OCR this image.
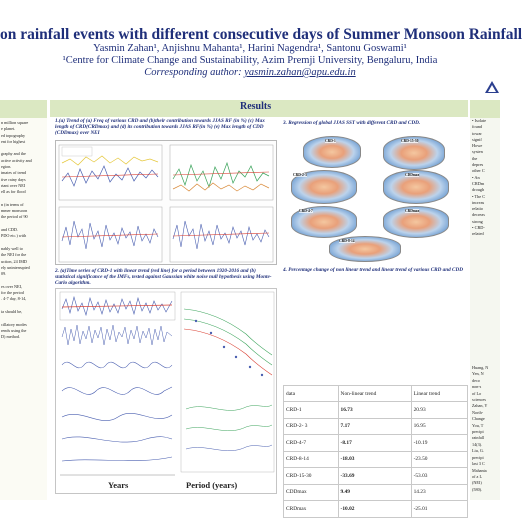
on rainfall events with different consecutive days of Summer Monsoon Rainfall
Yasmin Zahan¹, Anjishnu Mahanta¹, Harini Nagendra¹, Santonu Goswami¹
¹Centre for Climate Change and Sustainability, Azim Premji University, Bengaluru, India
Corresponding author: yasmin.zahan@apu.edu.in

n million square
e planet.
ed topography
ent for highest
graphy and the
active activity and
egion.
imates of trend
tive rainy days
rtant over NEI
ell as for flood
n (in terms of
mmer monsoon
the period of 90
and CDD.
PDO etc.) with
nably well to
the NEI for the
uction, 24 IMD
ely uninterrupted
09.
es over NEI,
for the period
. 4-7 day, 8-14,
ia should be,
cillatory modes
rends using the
D) method.

Results
1.(a) Trend of (a) Freq of various CRD and (b)their contribution towards JJAS RF (in %) (c) Max length of CRD(CRDmax) and (d) its contribution towards JJAS RF(in %) (e) Max length of CDD (CDDmax) over NEI
2. (a)Time series of CRD-1 with linear trend (red line) for a period between 1920-2016 and (b) statistical significance of the IMFs, tested against Gaussian white noise null hypothesis using Monte-Carlo algorithm.
3. Regression of global JJAS SST with different CRD and CDD.
4. Percentage change of non linear trend and linear trend of various CRD and CDD
Years	Period (years)
CRD-1	CRD-15-30
CRD-2-3	CDDmax
CRD-4-7	CRDmax
CRD-8-14
data	Non-linear trend	Linear trend
CRD-1	16.73	20.93
CRD-2- 3	7.17	16.95
CRD-4-7	-8.17	-10.19
CRD-8-14	-18.03	-23.50
CRD-15-30	-33.69	-53.03
CDDmax	9.49	14.23
CRDmax	-10.02	-25.01
• Isolate
found
towar
signif
Howe
systen
the
depres
other C
• An
CRDm
drough
• The C
increas
relatio
decreas
strong
• CRD-
related
Huang, N
Yen, N
deco
non-s
of Lo
sciences
Zahan, Y
North-
Change
You, T
precipi
rainfall
14(3).
Liu, G.
precipi
last 3 C
Mahanta
of a L
(NEI)
(580).
